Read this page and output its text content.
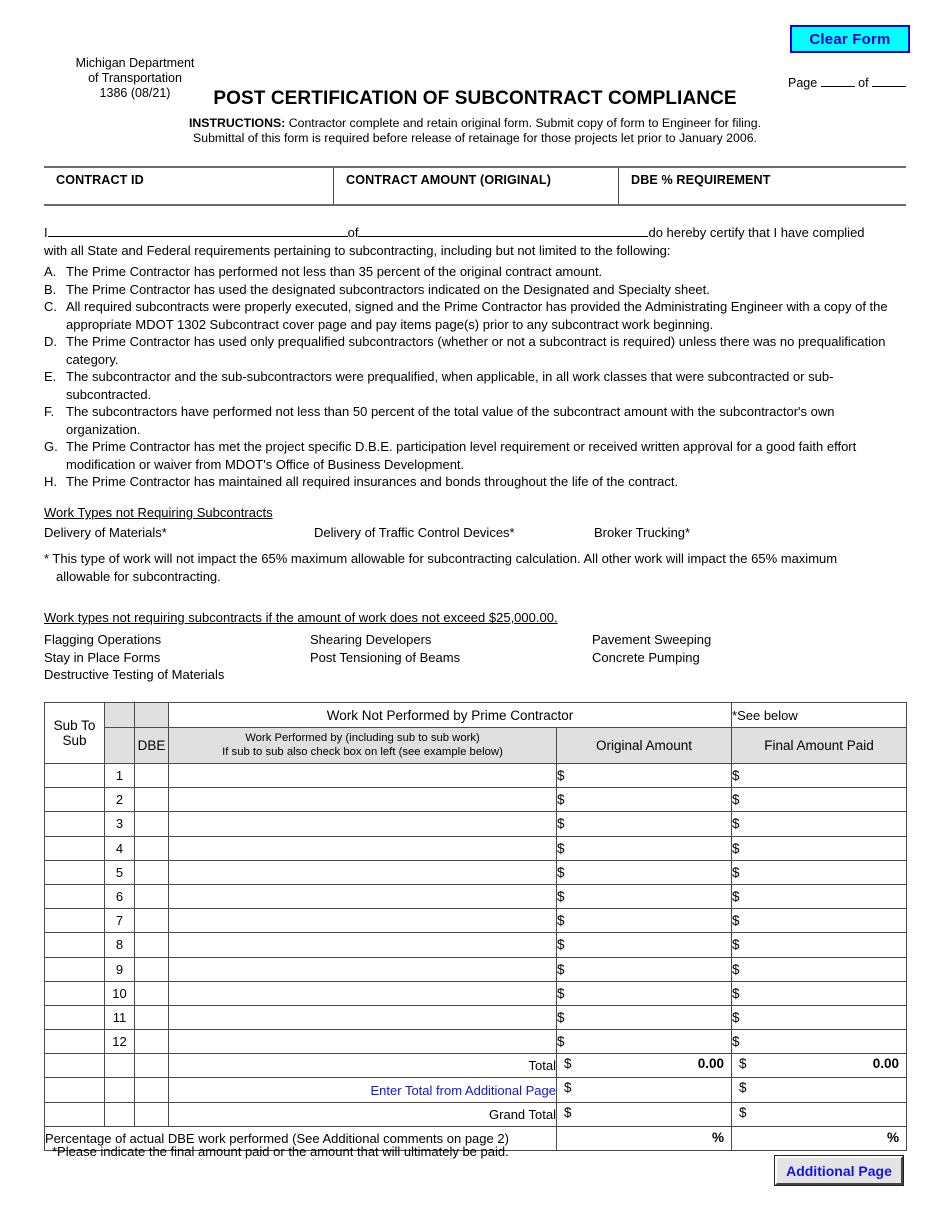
Clear Form
Michigan Department
of Transportation
1386 (08/21)
Page	of
POST CERTIFICATION OF SUBCONTRACT COMPLIANCE
INSTRUCTIONS: Contractor complete and retain original form. Submit copy of form to Engineer for filing.
Submittal of this form is required before release of retainage for those projects let prior to January 2006.
CONTRACT ID	CONTRACT AMOUNT (ORIGINAL)	DBE % REQUIREMENT
I	of	do hereby certify that I have complied
with all State and Federal requirements pertaining to subcontracting, including but not limited to the following:
A. The Prime Contractor has performed not less than 35 percent of the original contract amount.
B. The Prime Contractor has used the designated subcontractors indicated on the Designated and Specialty sheet.
C. All required subcontracts were properly executed, signed and the Prime Contractor has provided the Administrating Engineer with a copy of the appropriate MDOT 1302 Subcontract cover page and pay items page(s) prior to any subcontract work beginning.
D. The Prime Contractor has used only prequalified subcontractors (whether or not a subcontract is required) unless there was no prequalification category.
E. The subcontractor and the sub-subcontractors were prequalified, when applicable, in all work classes that were subcontracted or sub-subcontracted.
F. The subcontractors have performed not less than 50 percent of the total value of the subcontract amount with the subcontractor's own organization.
G. The Prime Contractor has met the project specific D.B.E. participation level requirement or received written approval for a good faith effort modification or waiver from MDOT's Office of Business Development.
H. The Prime Contractor has maintained all required insurances and bonds throughout the life of the contract.
Work Types not Requiring Subcontracts
Delivery of Materials*	Delivery of Traffic Control Devices*	Broker Trucking*
* This type of work will not impact the 65% maximum allowable for subcontracting calculation. All other work will impact the 65% maximum
allowable for subcontracting.
Work types not requiring subcontracts if the amount of work does not exceed $25,000.00.
Flagging Operations	Shearing Developers	Pavement Sweeping
Stay in Place Forms	Post Tensioning of Beams	Concrete Pumping
Destructive Testing of Materials
Sub To
Sub			Work Not Performed by Prime Contractor		*See below
		DBE	Work Performed by (including sub to sub work)
If sub to sub also check box on left (see example below)	Original Amount	Final Amount Paid
	1			$	$
	2			$	$
	3			$	$
	4			$	$
	5			$	$
	6			$	$
	7			$	$
	8			$	$
	9			$	$
	10			$	$
	11			$	$
	12			$	$
			Total	$ 0.00	$ 0.00

			Enter Total from Additional Page	$	$

			Grand Total	$	$

Percentage of actual DBE work performed (See Additional comments on page 2)				%	%
*Please indicate the final amount paid or the amount that will ultimately be paid.
Additional Page
